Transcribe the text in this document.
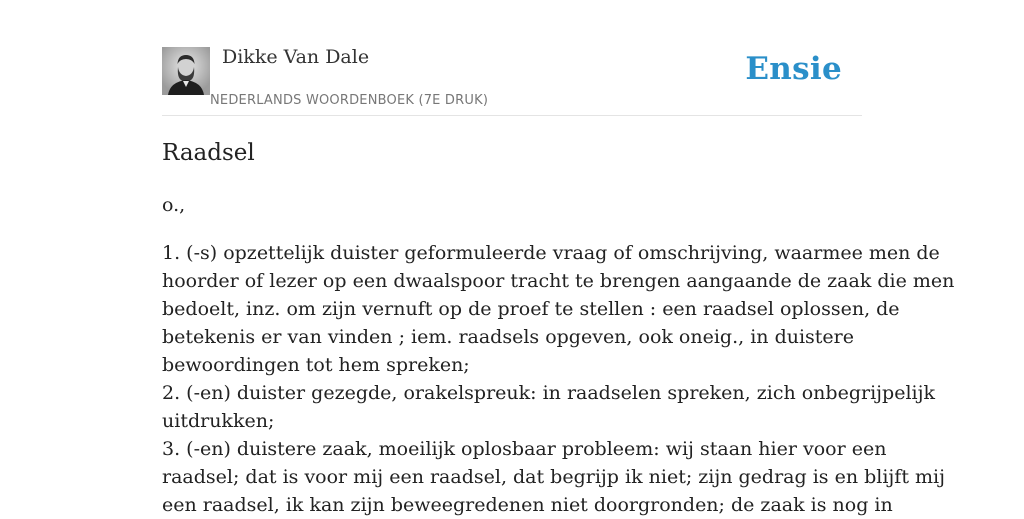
Dikke Van Dale
NEDERLANDS WOORDENBOEK (7E DRUK)
Ensie
Raadsel
o.,
1. (-s) opzettelijk duister geformuleerde vraag of omschrijving, waarmee men de
hoorder of lezer op een dwaalspoor tracht te brengen aangaande de zaak die men
bedoelt, inz. om zijn vernuft op de proef te stellen : een raadsel oplossen, de
betekenis er van vinden ; iem. raadsels opgeven, ook oneig., in duistere
bewoordingen tot hem spreken;
2. (-en) duister gezegde, orakelspreuk: in raadselen spreken, zich onbegrijpelijk
uitdrukken;
3. (-en) duistere zaak, moeilijk oplosbaar probleem: wij staan hier voor een
raadsel; dat is voor mij een raadsel, dat begrijp ik niet; zijn gedrag is en blijft mij
een raadsel, ik kan zijn beweegredenen niet doorgronden; de zaak is nog in
